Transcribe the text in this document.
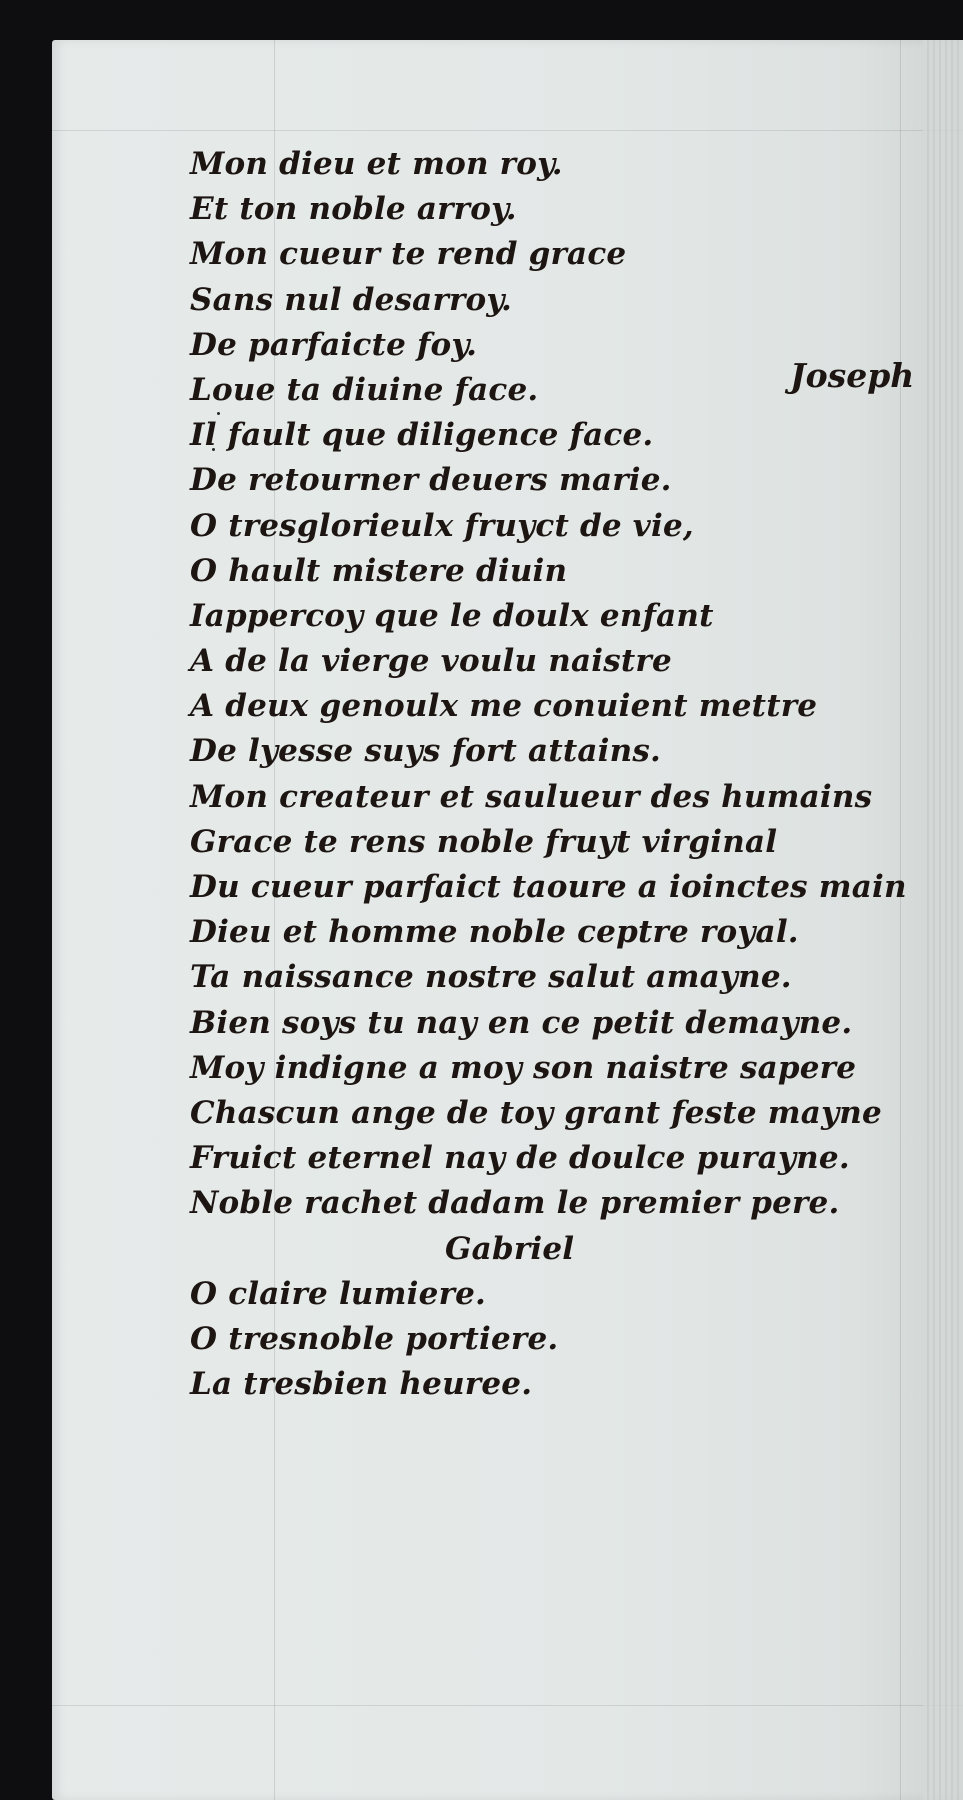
Mon dieu et mon roy.
Et ton noble arroy.
Mon cueur te rend grace
Sans nul desarroy.
De parfaicte foy.
Loue ta diuine face.
Il fault que diligence face.
De retourner deuers marie.
O tresglorieulx fruyct de vie,
O hault mistere diuin
Iappercoy que le doulx enfant
A de la vierge voulu naistre
A deux genoulx me conuient mettre
De lyesse suys fort attains.
Mon createur et saulueur des humains
Grace te rens noble fruyt virginal
Du cueur parfaict taoure a ioinctes main
Dieu et homme noble ceptre royal.
Ta naissance nostre salut amayne.
Bien soys tu nay en ce petit demayne.
Moy indigne a moy son naistre sapere
Chascun ange de toy grant feste mayne
Fruict eternel nay de doulce purayne.
Noble rachet dadam le premier pere.
Gabriel
O claire lumiere.
O tresnoble portiere.
La tresbien heuree.
Joseph
